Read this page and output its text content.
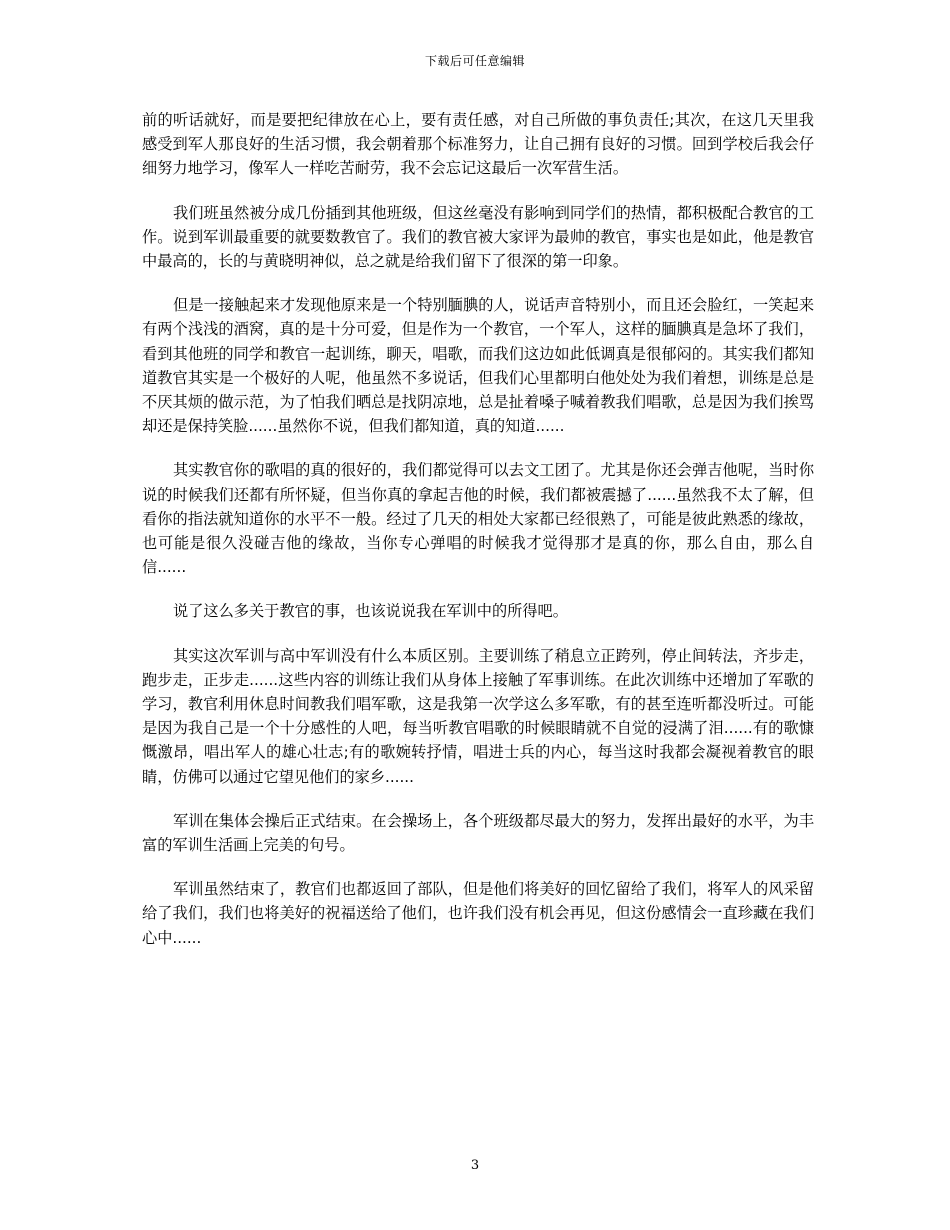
下载后可任意编辑

前的听话就好，而是要把纪律放在心上，要有责任感，对自己所做的事负责任;其次，在这几天里我感受到军人那良好的生活习惯，我会朝着那个标准努力，让自己拥有良好的习惯。回到学校后我会仔细努力地学习，像军人一样吃苦耐劳，我不会忘记这最后一次军营生活。

我们班虽然被分成几份插到其他班级，但这丝毫没有影响到同学们的热情，都积极配合教官的工作。说到军训最重要的就要数教官了。我们的教官被大家评为最帅的教官，事实也是如此，他是教官中最高的，长的与黄晓明神似，总之就是给我们留下了很深的第一印象。

但是一接触起来才发现他原来是一个特别腼腆的人，说话声音特别小，而且还会脸红，一笑起来有两个浅浅的酒窝，真的是十分可爱，但是作为一个教官，一个军人，这样的腼腆真是急坏了我们，看到其他班的同学和教官一起训练，聊天，唱歌，而我们这边如此低调真是很郁闷的。其实我们都知道教官其实是一个极好的人呢，他虽然不多说话，但我们心里都明白他处处为我们着想，训练是总是不厌其烦的做示范，为了怕我们晒总是找阴凉地，总是扯着嗓子喊着教我们唱歌，总是因为我们挨骂却还是保持笑脸......虽然你不说，但我们都知道，真的知道......

其实教官你的歌唱的真的很好的，我们都觉得可以去文工团了。尤其是你还会弹吉他呢，当时你说的时候我们还都有所怀疑，但当你真的拿起吉他的时候，我们都被震撼了......虽然我不太了解，但看你的指法就知道你的水平不一般。经过了几天的相处大家都已经很熟了，可能是彼此熟悉的缘故，也可能是很久没碰吉他的缘故，当你专心弹唱的时候我才觉得那才是真的你，那么自由，那么自信......

说了这么多关于教官的事，也该说说我在军训中的所得吧。

其实这次军训与高中军训没有什么本质区别。主要训练了稍息立正跨列，停止间转法，齐步走，跑步走，正步走......这些内容的训练让我们从身体上接触了军事训练。在此次训练中还增加了军歌的学习，教官利用休息时间教我们唱军歌，这是我第一次学这么多军歌，有的甚至连听都没听过。可能是因为我自己是一个十分感性的人吧，每当听教官唱歌的时候眼睛就不自觉的浸满了泪......有的歌慷慨激昂，唱出军人的雄心壮志;有的歌婉转抒情，唱进士兵的内心，每当这时我都会凝视着教官的眼睛，仿佛可以通过它望见他们的家乡......

军训在集体会操后正式结束。在会操场上，各个班级都尽最大的努力，发挥出最好的水平，为丰富的军训生活画上完美的句号。

军训虽然结束了，教官们也都返回了部队，但是他们将美好的回忆留给了我们，将军人的风采留给了我们，我们也将美好的祝福送给了他们，也许我们没有机会再见，但这份感情会一直珍藏在我们心中......

3
